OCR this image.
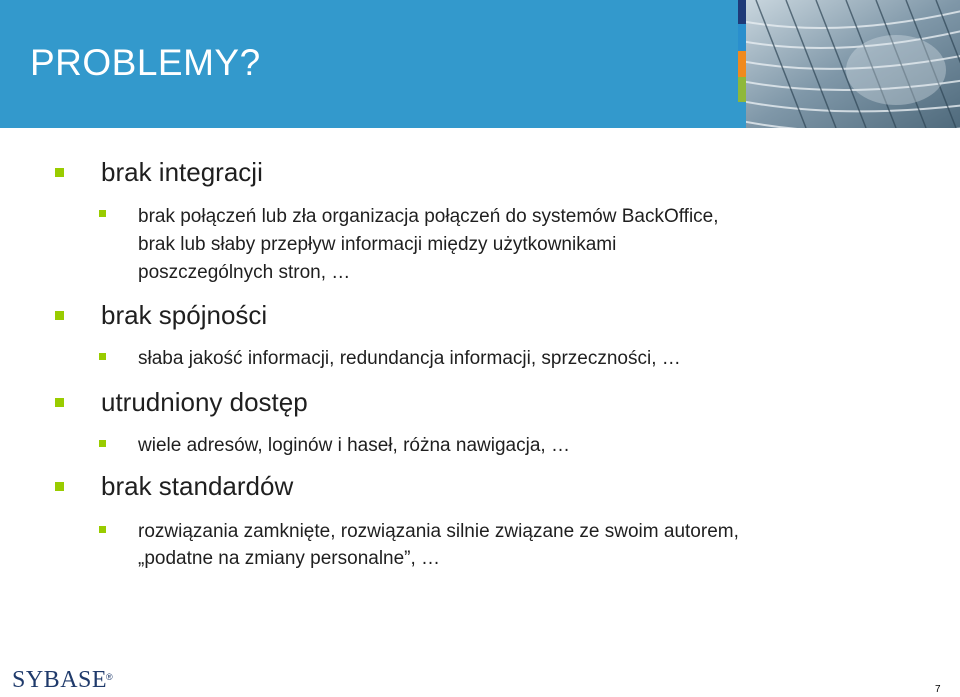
PROBLEMY?
brak integracji
brak połączeń lub zła organizacja połączeń do systemów BackOffice,
brak lub słaby przepływ informacji między użytkownikami
poszczególnych stron, …
brak spójności
słaba jakość informacji, redundancja informacji, sprzeczności, …
utrudniony dostęp
wiele adresów, loginów i haseł, różna nawigacja, …
brak standardów
rozwiązania zamknięte, rozwiązania silnie związane ze swoim autorem,
„podatne na zmiany personalne”, …
SYBASE
®
7
